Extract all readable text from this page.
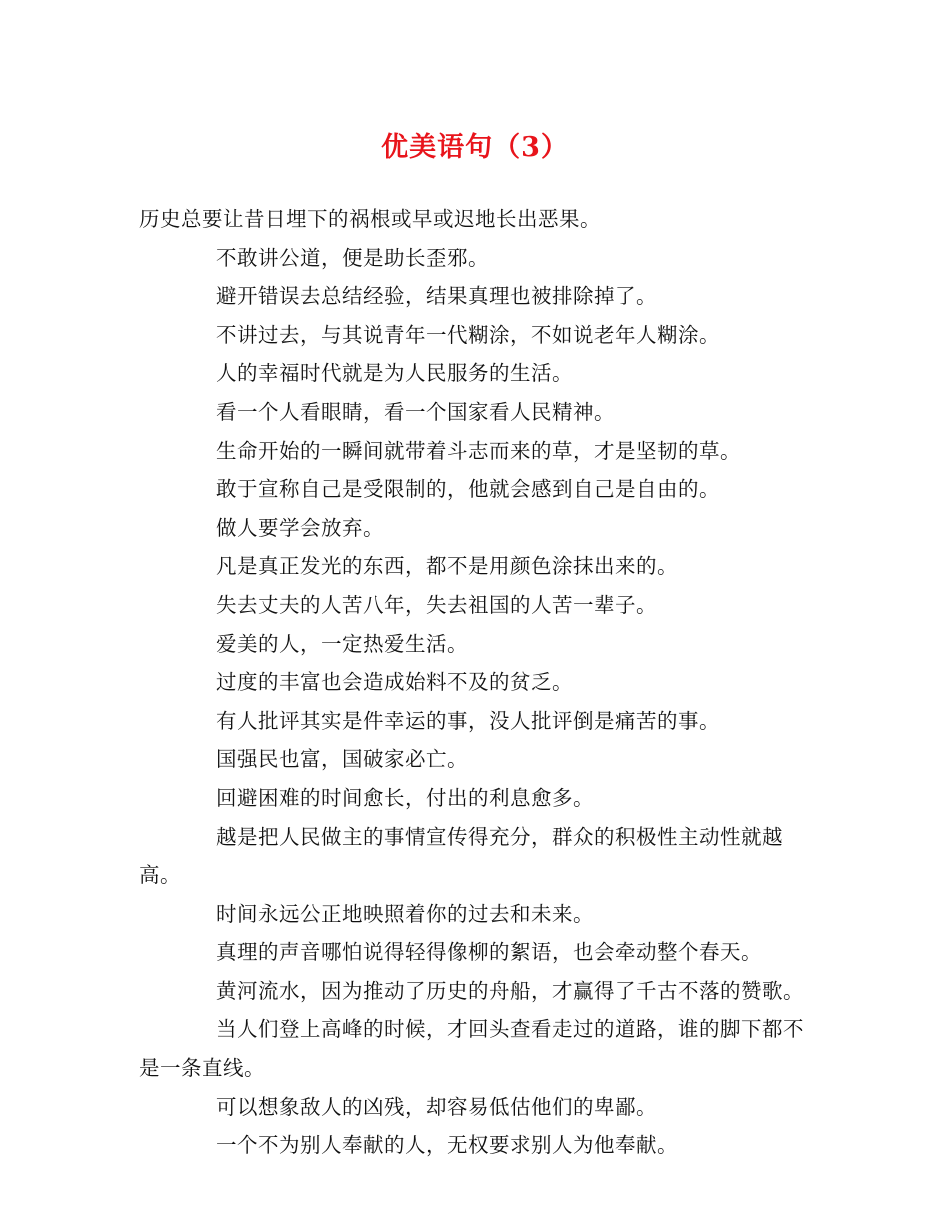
优美语句（3）

历史总要让昔日埋下的祸根或早或迟地长出恶果。

不敢讲公道，便是助长歪邪。

避开错误去总结经验，结果真理也被排除掉了。

不讲过去，与其说青年一代糊涂，不如说老年人糊涂。

人的幸福时代就是为人民服务的生活。

看一个人看眼睛，看一个国家看人民精神。

生命开始的一瞬间就带着斗志而来的草，才是坚韧的草。

敢于宣称自己是受限制的，他就会感到自己是自由的。

做人要学会放弃。

凡是真正发光的东西，都不是用颜色涂抹出来的。

失去丈夫的人苦八年，失去祖国的人苦一辈子。

爱美的人，一定热爱生活。

过度的丰富也会造成始料不及的贫乏。

有人批评其实是件幸运的事，没人批评倒是痛苦的事。

国强民也富，国破家必亡。

回避困难的时间愈长，付出的利息愈多。

越是把人民做主的事情宣传得充分，群众的积极性主动性就越高。

时间永远公正地映照着你的过去和未来。

真理的声音哪怕说得轻得像柳的絮语，也会牵动整个春天。

黄河流水，因为推动了历史的舟船，才赢得了千古不落的赞歌。

当人们登上高峰的时候，才回头查看走过的道路，谁的脚下都不是一条直线。

可以想象敌人的凶残，却容易低估他们的卑鄙。

一个不为别人奉献的人，无权要求别人为他奉献。
